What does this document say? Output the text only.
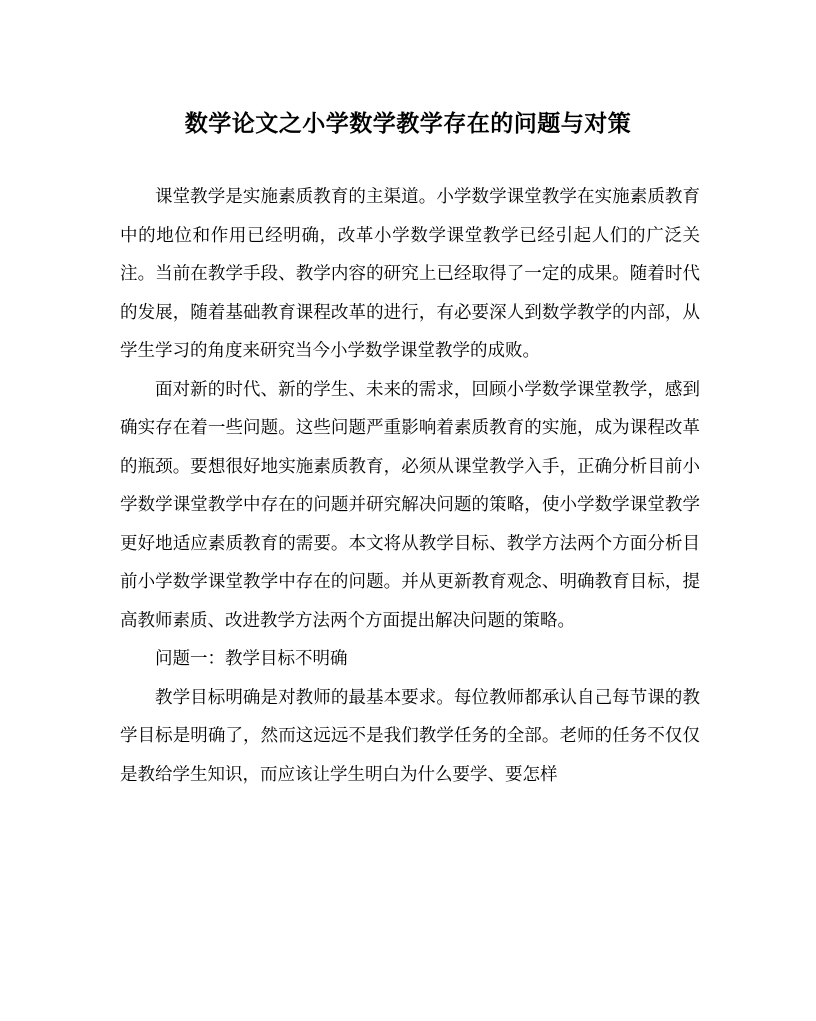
数学论文之小学数学教学存在的问题与对策

课堂教学是实施素质教育的主渠道。小学数学课堂教学在实施素质教育中的地位和作用已经明确，改革小学数学课堂教学已经引起人们的广泛关注。当前在教学手段、教学内容的研究上已经取得了一定的成果。随着时代的发展，随着基础教育课程改革的进行，有必要深人到数学教学的内部，从学生学习的角度来研究当今小学数学课堂教学的成败。

面对新的时代、新的学生、未来的需求，回顾小学数学课堂教学，感到确实存在着一些问题。这些问题严重影响着素质教育的实施，成为课程改革的瓶颈。要想很好地实施素质教育，必须从课堂教学入手，正确分析目前小学数学课堂教学中存在的问题并研究解决问题的策略，使小学数学课堂教学更好地适应素质教育的需要。本文将从教学目标、教学方法两个方面分析目前小学数学课堂教学中存在的问题。并从更新教育观念、明确教育目标，提高教师素质、改进教学方法两个方面提出解决问题的策略。

问题一：教学目标不明确

教学目标明确是对教师的最基本要求。每位教师都承认自己每节课的教学目标是明确了，然而这远远不是我们教学任务的全部。老师的任务不仅仅是教给学生知识，而应该让学生明白为什么要学、要怎样
